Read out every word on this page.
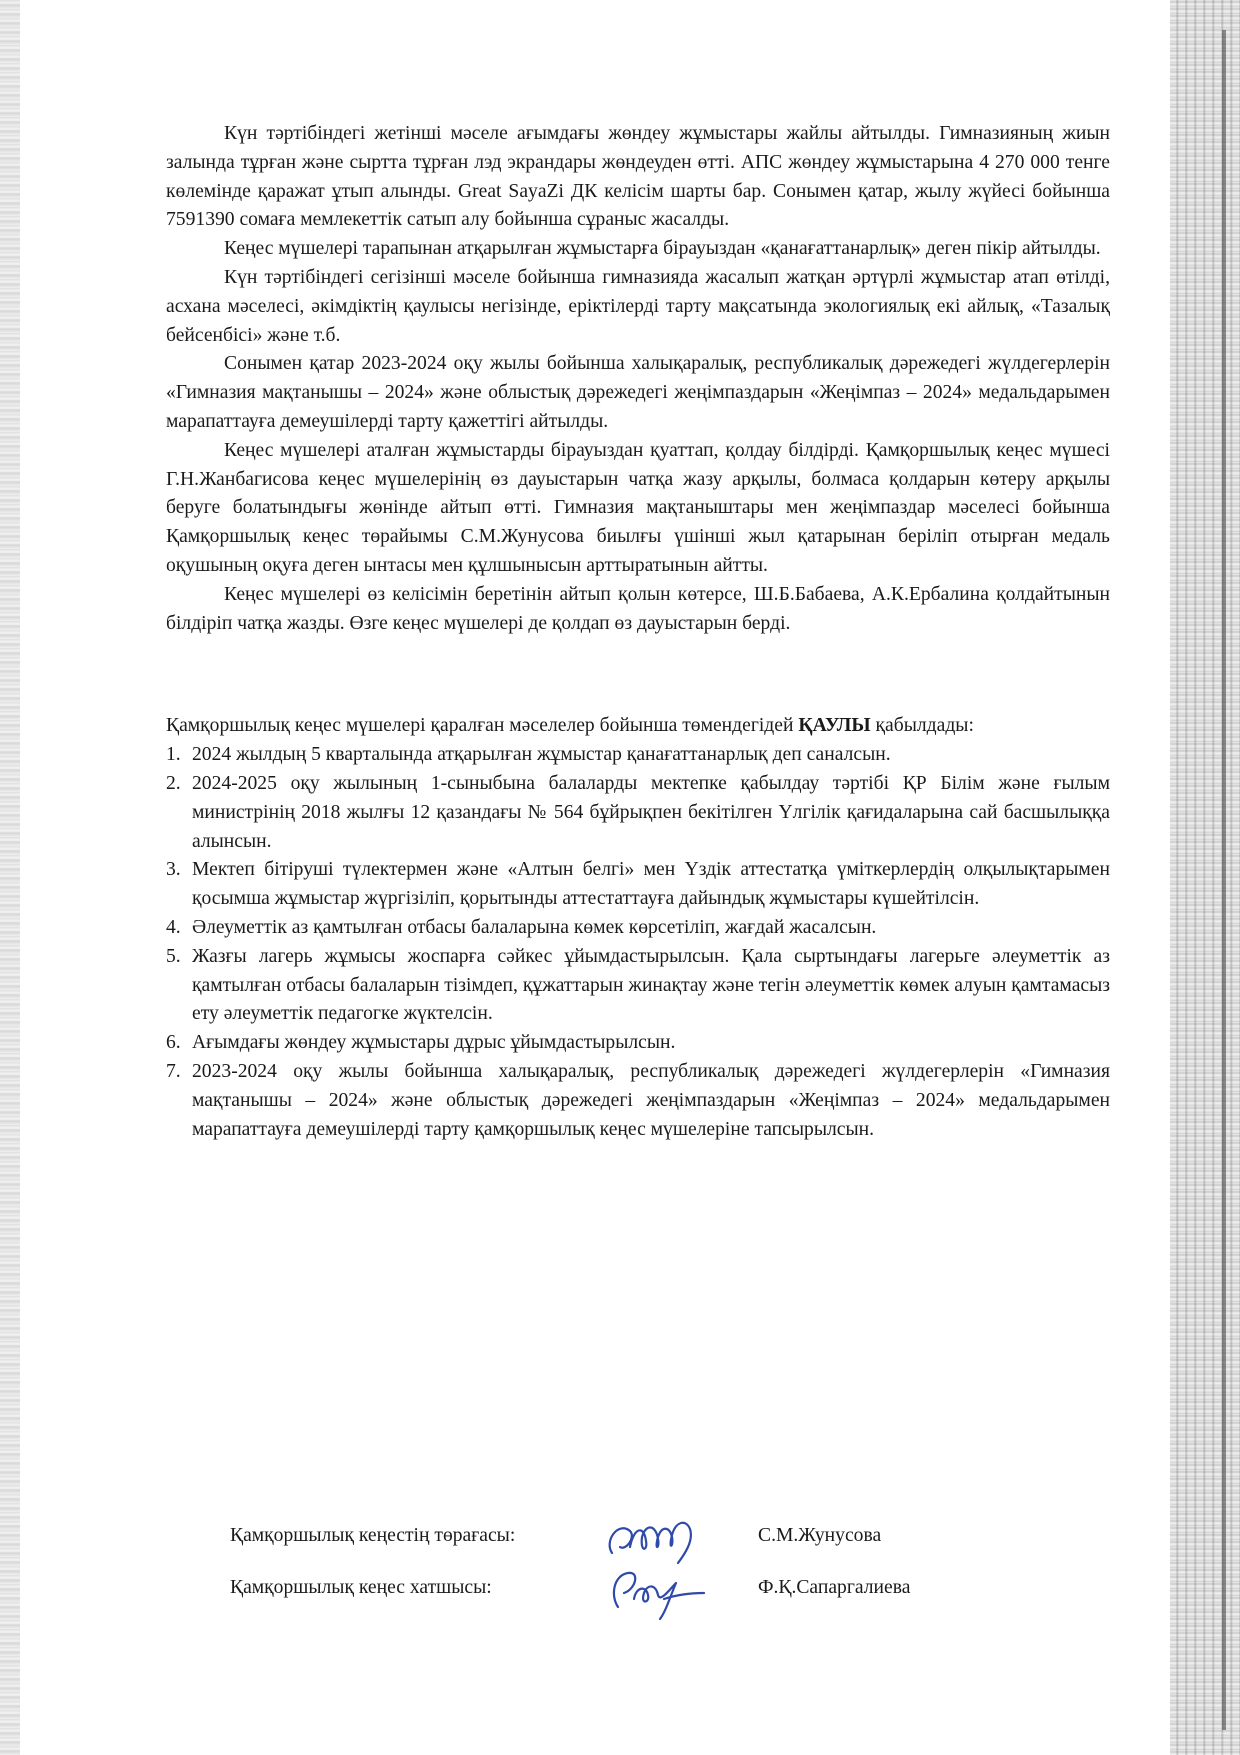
Күн тәртібіндегі жетінші мәселе ағымдағы жөндеу жұмыстары жайлы айтылды. Гимназияның жиын залында тұрған және сыртта тұрған лэд экрандары жөндеуден өтті. АПС жөндеу жұмыстарына 4 270 000 тенге көлемінде қаражат ұтып алынды. Great SayaZi ДК келісім шарты бар. Сонымен қатар, жылу жүйесі бойынша 7591390 сомаға мемлекеттік сатып алу бойынша сұраныс жасалды.

Кеңес мүшелері тарапынан атқарылған жұмыстарға бірауыздан «қанағаттанарлық» деген пікір айтылды.

Күн тәртібіндегі сегізінші мәселе бойынша гимназияда жасалып жатқан әртүрлі жұмыстар атап өтілді, асхана мәселесі, әкімдіктің қаулысы негізінде, еріктілерді тарту мақсатында экологиялық екі айлық, «Тазалық бейсенбісі» және т.б.

Сонымен қатар 2023-2024 оқу жылы бойынша халықаралық, республикалық дәрежедегі жүлдегерлерін «Гимназия мақтанышы – 2024» және облыстық дәрежедегі жеңімпаздарын «Жеңімпаз – 2024» медальдарымен марапаттауға демеушілерді тарту қажеттігі айтылды.

Кеңес мүшелері аталған жұмыстарды бірауыздан қуаттап, қолдау білдірді. Қамқоршылық кеңес мүшесі Г.Н.Жанбагисова кеңес мүшелерінің өз дауыстарын чатқа жазу арқылы, болмаса қолдарын көтеру арқылы беруге болатындығы жөнінде айтып өтті. Гимназия мақтаныштары мен жеңімпаздар мәселесі бойынша Қамқоршылық кеңес төрайымы С.М.Жунусова биылғы үшінші жыл қатарынан беріліп отырған медаль оқушының оқуға деген ынтасы мен құлшынысын арттыратынын айтты.

Кеңес мүшелері өз келісімін беретінін айтып қолын көтерсе, Ш.Б.Бабаева, А.К.Ербалина қолдайтынын білдіріп чатқа жазды. Өзге кеңес мүшелері де қолдап өз дауыстарын берді.

Қамқоршылық кеңес мүшелері қаралған мәселелер бойынша төмендегідей ҚАУЛЫ қабылдады:

1. 2024 жылдың 5 кварталында атқарылған жұмыстар қанағаттанарлық деп саналсын.
2. 2024-2025 оқу жылының 1-сыныбына балаларды мектепке қабылдау тәртібі ҚР Білім және ғылым министрінің 2018 жылғы 12 қазандағы № 564 бұйрықпен бекітілген Үлгілік қағидаларына сай басшылыққа алынсын.
3. Мектеп бітіруші түлектермен және «Алтын белгі» мен Үздік аттестатқа үміткерлердің олқылықтарымен қосымша жұмыстар жүргізіліп, қорытынды аттестаттауға дайындық жұмыстары күшейтілсін.
4. Әлеуметтік аз қамтылған отбасы балаларына көмек көрсетіліп, жағдай жасалсын.
5. Жазғы лагерь жұмысы жоспарға сәйкес ұйымдастырылсын. Қала сыртындағы лагерьге әлеуметтік аз қамтылған отбасы балаларын тізімдеп, құжаттарын жинақтау және тегін әлеуметтік көмек алуын қамтамасыз ету әлеуметтік педагогке жүктелсін.
6. Ағымдағы жөндеу жұмыстары дұрыс ұйымдастырылсын.
7. 2023-2024 оқу жылы бойынша халықаралық, республикалық дәрежедегі жүлдегерлерін «Гимназия мақтанышы – 2024» және облыстық дәрежедегі жеңімпаздарын «Жеңімпаз – 2024» медальдарымен марапаттауға демеушілерді тарту қамқоршылық кеңес мүшелеріне тапсырылсын.
Қамқоршылық кеңестің төрағасы:	С.М.Жунусова
Қамқоршылық кеңес хатшысы:	Ф.Қ.Сапаргалиева
